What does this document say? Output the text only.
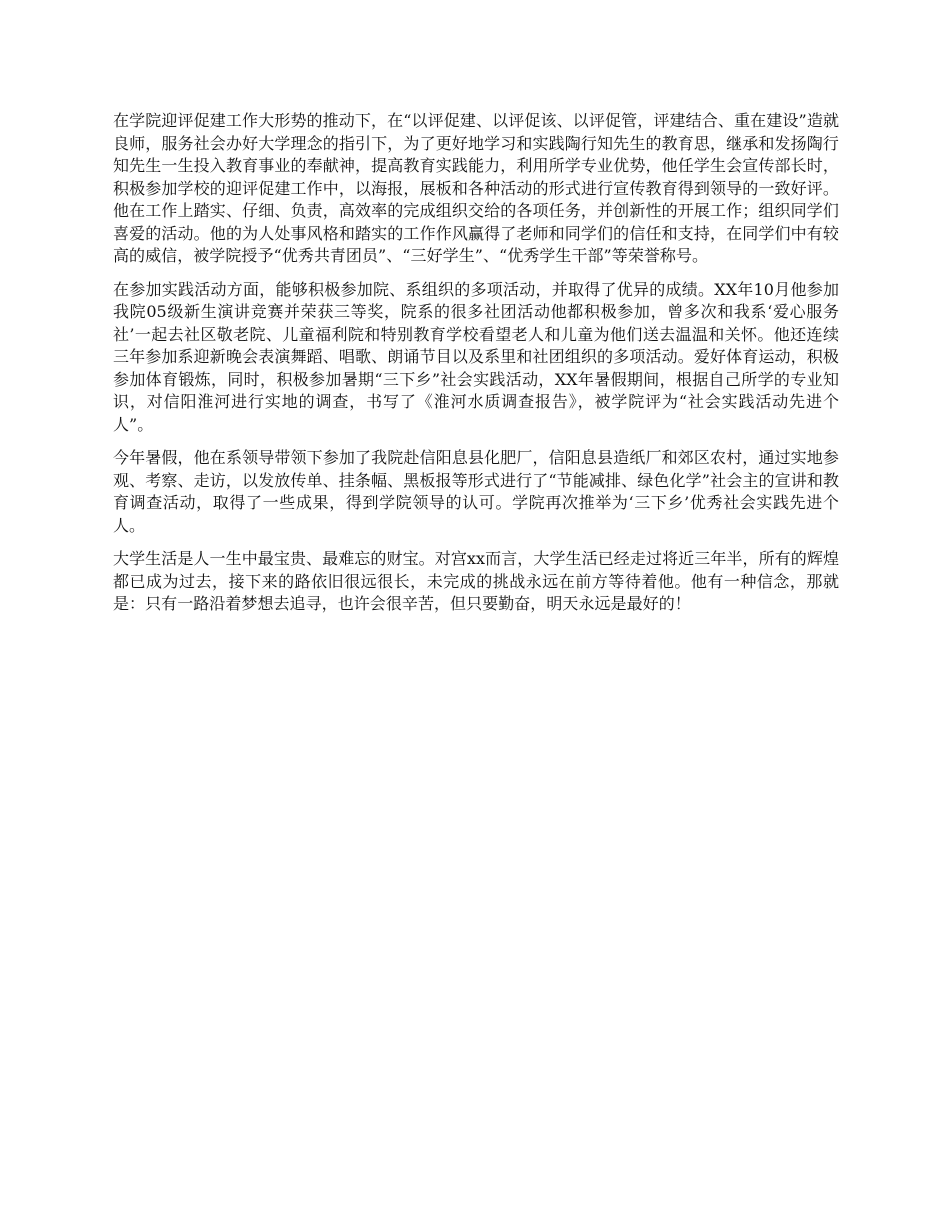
在学院迎评促建工作大形势的推动下，在“以评促建、以评促该、以评促管，评建结合、重在建设”造就良师，服务社会办好大学理念的指引下，为了更好地学习和实践陶行知先生的教育思，继承和发扬陶行知先生一生投入教育事业的奉献神，提高教育实践能力，利用所学专业优势，他任学生会宣传部长时，积极参加学校的迎评促建工作中，以海报，展板和各种活动的形式进行宣传教育得到领导的一致好评。他在工作上踏实、仔细、负责，高效率的完成组织交给的各项任务，并创新性的开展工作；组织同学们喜爱的活动。他的为人处事风格和踏实的工作作风赢得了老师和同学们的信任和支持，在同学们中有较高的威信，被学院授予“优秀共青团员”、“三好学生”、“优秀学生干部”等荣誉称号。

在参加实践活动方面，能够积极参加院、系组织的多项活动，并取得了优异的成绩。XX年10月他参加我院05级新生演讲竞赛并荣获三等奖，院系的很多社团活动他都积极参加，曾多次和我系‘爱心服务社’一起去社区敬老院、儿童福利院和特别教育学校看望老人和儿童为他们送去温温和关怀。他还连续三年参加系迎新晚会表演舞蹈、唱歌、朗诵节目以及系里和社团组织的多项活动。爱好体育运动，积极参加体育锻炼，同时，积极参加暑期“三下乡”社会实践活动，XX年暑假期间，根据自己所学的专业知识，对信阳淮河进行实地的调查，书写了《淮河水质调查报告》，被学院评为“社会实践活动先进个人”。

今年暑假，他在系领导带领下参加了我院赴信阳息县化肥厂，信阳息县造纸厂和郊区农村，通过实地参观、考察、走访，以发放传单、挂条幅、黑板报等形式进行了“节能减排、绿色化学”社会主的宣讲和教育调查活动，取得了一些成果，得到学院领导的认可。学院再次推举为‘三下乡’优秀社会实践先进个人。

大学生活是人一生中最宝贵、最难忘的财宝。对宫xx而言，大学生活已经走过将近三年半，所有的辉煌都已成为过去，接下来的路依旧很远很长，未完成的挑战永远在前方等待着他。他有一种信念，那就是：只有一路沿着梦想去追寻，也许会很辛苦，但只要勤奋，明天永远是最好的！
